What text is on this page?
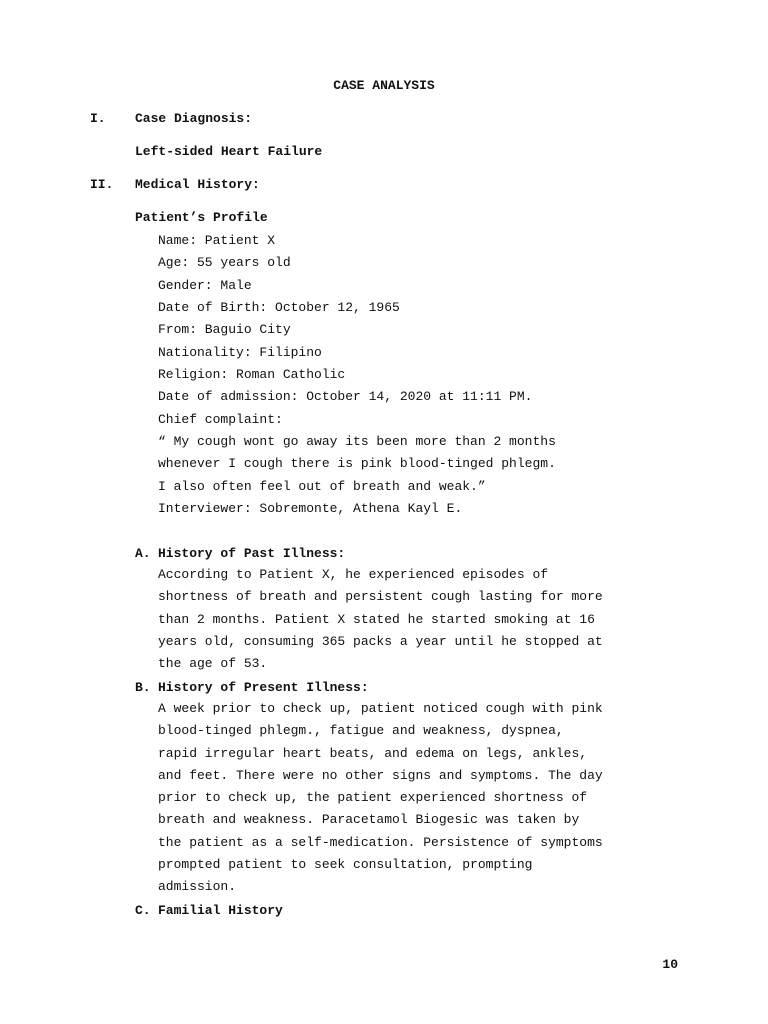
CASE ANALYSIS
I. Case Diagnosis:
Left-sided Heart Failure
II. Medical History:
Patient’s Profile
Name: Patient X
Age: 55 years old
Gender: Male
Date of Birth: October 12, 1965
From: Baguio City
Nationality: Filipino
Religion: Roman Catholic
Date of admission: October 14, 2020 at 11:11 PM.
Chief complaint:
“ My cough wont go away its been more than 2 months
whenever I cough there is pink blood-tinged phlegm.
I also often feel out of breath and weak.”
Interviewer: Sobremonte, Athena Kayl E.
A. History of Past Illness:
According to Patient X, he experienced episodes of
shortness of breath and persistent cough lasting for more
than 2 months. Patient X stated he started smoking at 16
years old, consuming 365 packs a year until he stopped at
the age of 53.
B. History of Present Illness:
A week prior to check up, patient noticed cough with pink
blood-tinged phlegm., fatigue and weakness, dyspnea,
rapid irregular heart beats, and edema on legs, ankles,
and feet. There were no other signs and symptoms. The day
prior to check up, the patient experienced shortness of
breath and weakness. Paracetamol Biogesic was taken by
the patient as a self-medication. Persistence of symptoms
prompted patient to seek consultation, prompting
admission.
C. Familial History
10
